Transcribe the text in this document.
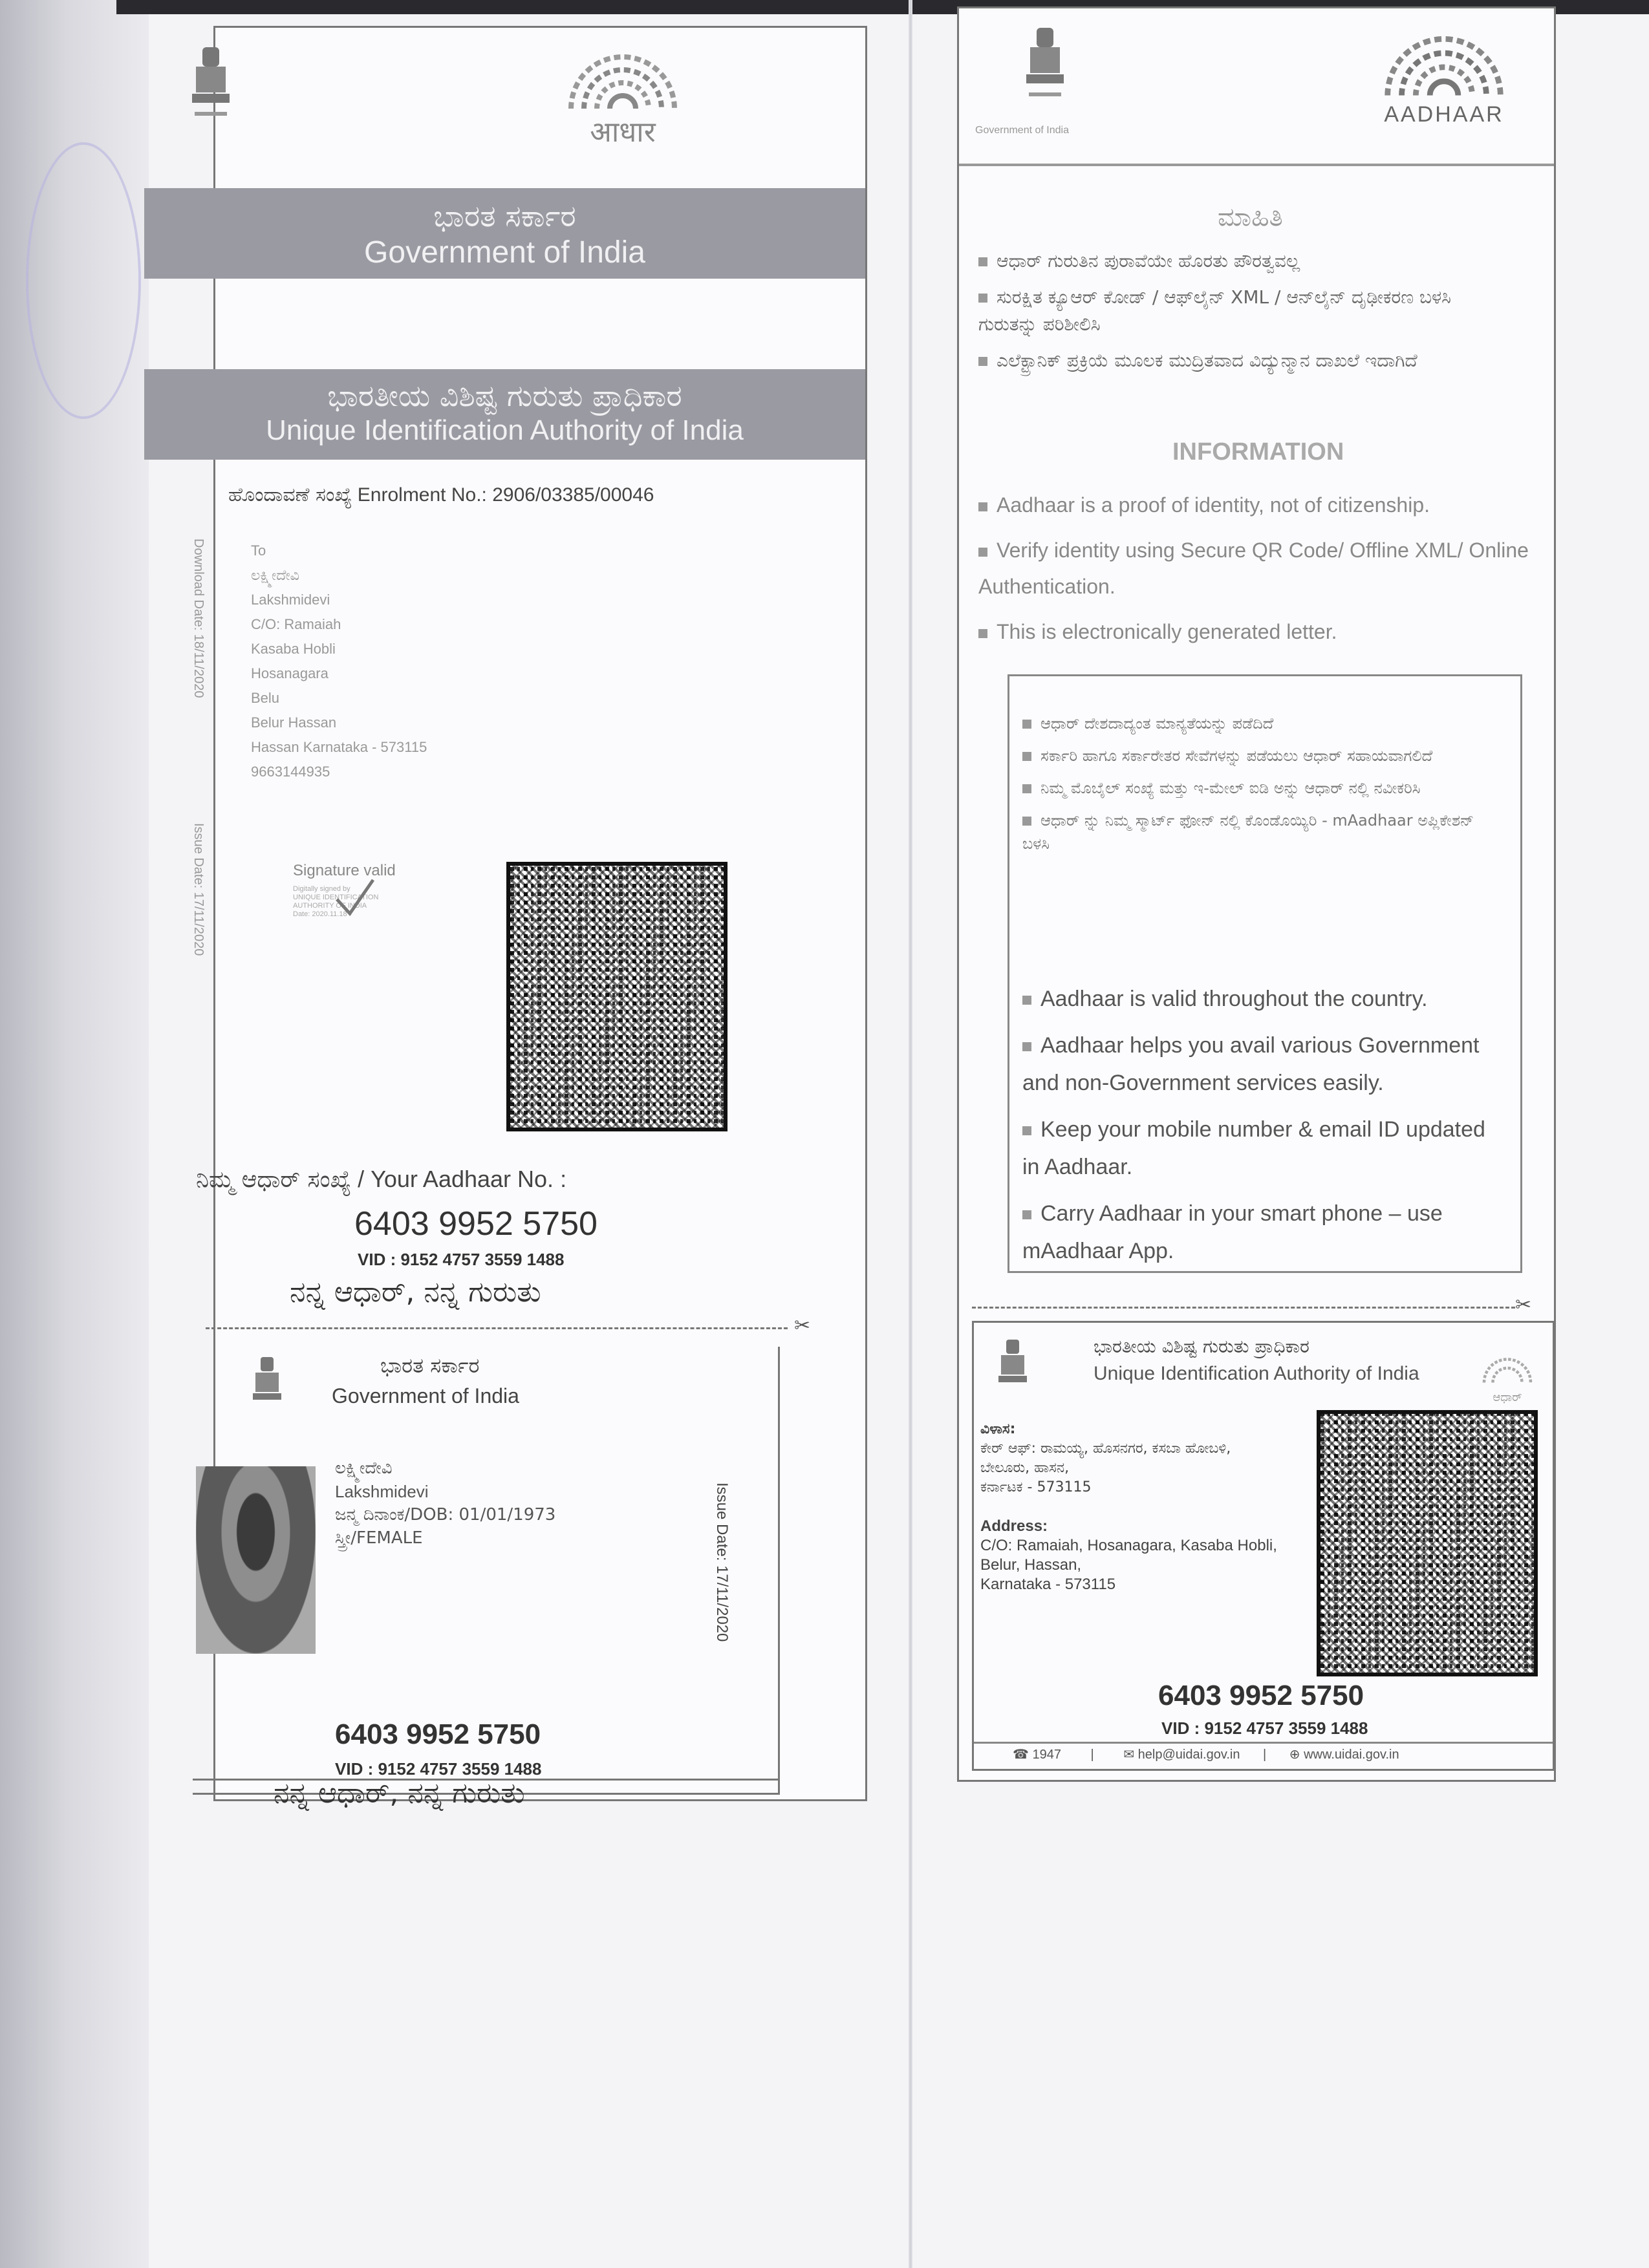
आधार
ಭಾರತ ಸರ್ಕಾರ
Government of India
ಭಾರತೀಯ ವಿಶಿಷ್ಟ ಗುರುತು ಪ್ರಾಧಿಕಾರ
Unique Identification Authority of India
ಹೊಂದಾವಣೆ ಸಂಖ್ಯೆ Enrolment No.: 2906/03385/00046
Download Date: 18/11/2020
Issue Date: 17/11/2020
To
ಲಕ್ಷ್ಮೀದೇವಿ
Lakshmidevi
C/O: Ramaiah
Kasaba Hobli
Hosanagara
Belu
Belur Hassan
Hassan Karnataka - 573115
9663144935
Signature valid
Digitally signed by
UNIQUE IDENTIFICATION
AUTHORITY OF INDIA
Date: 2020.11.18
ನಿಮ್ಮ ಆಧಾರ್ ಸಂಖ್ಯೆ / Your Aadhaar No. :
6403 9952 5750
VID : 9152 4757 3559 1488
ನನ್ನ ಆಧಾರ್, ನನ್ನ ಗುರುತು
✂
ಭಾರತ ಸರ್ಕಾರ
Government of India
ಲಕ್ಷ್ಮೀದೇವಿ
Lakshmidevi
ಜನ್ಮ ದಿನಾಂಕ/DOB: 01/01/1973
ಸ್ತ್ರೀ/FEMALE	Issue Date: 17/11/2020
6403 9952 5750
VID : 9152 4757 3559 1488
ನನ್ನ ಆಧಾರ್, ನನ್ನ ಗುರುತು
Government of India
AADHAAR
ಮಾಹಿತಿ
ಆಧಾರ್ ಗುರುತಿನ ಪುರಾವೆಯೇ ಹೊರತು ಪೌರತ್ವವಲ್ಲ
ಸುರಕ್ಷಿತ ಕ್ಯೂಆರ್ ಕೋಡ್ / ಆಫ್‌ಲೈನ್ XML / ಆನ್‌ಲೈನ್ ದೃಢೀಕರಣ ಬಳಸಿ ಗುರುತನ್ನು ಪರಿಶೀಲಿಸಿ
ಎಲೆಕ್ಟ್ರಾನಿಕ್ ಪ್ರಕ್ರಿಯೆ ಮೂಲಕ ಮುದ್ರಿತವಾದ ವಿದ್ಯುನ್ಮಾನ ದಾಖಲೆ ಇದಾಗಿದೆ
INFORMATION
Aadhaar is a proof of identity, not of citizenship.
Verify identity using Secure QR Code/ Offline XML/ Online Authentication.
This is electronically generated letter.
ಆಧಾರ್ ದೇಶದಾದ್ಯಂತ ಮಾನ್ಯತೆಯನ್ನು ಪಡೆದಿದೆ
ಸರ್ಕಾರಿ ಹಾಗೂ ಸರ್ಕಾರೇತರ ಸೇವೆಗಳನ್ನು ಪಡೆಯಲು ಆಧಾರ್ ಸಹಾಯವಾಗಲಿದೆ
ನಿಮ್ಮ ಮೊಬೈಲ್ ಸಂಖ್ಯೆ ಮತ್ತು ಇ-ಮೇಲ್ ಐಡಿ ಅನ್ನು ಆಧಾರ್ ನಲ್ಲಿ ನವೀಕರಿಸಿ
ಆಧಾರ್ ನ್ನು ನಿಮ್ಮ ಸ್ಮಾರ್ಟ್ ಫೋನ್ ನಲ್ಲಿ ಕೊಂಡೊಯ್ಯಿರಿ - mAadhaar ಅಪ್ಲಿಕೇಶನ್ ಬಳಸಿ
Aadhaar is valid throughout the country.
Aadhaar helps you avail various Government and non-Government services easily.
Keep your mobile number & email ID updated in Aadhaar.
Carry Aadhaar in your smart phone – use mAadhaar App.
✂
ಭಾರತೀಯ ವಿಶಿಷ್ಟ ಗುರುತು ಪ್ರಾಧಿಕಾರ
Unique Identification Authority of India
ಆಧಾರ್
ವಿಳಾಸ:
ಕೇರ್ ಆಫ್: ರಾಮಯ್ಯ, ಹೊಸನಗರ, ಕಸಬಾ ಹೋಬಳಿ,
ಬೇಲೂರು, ಹಾಸನ,
ಕರ್ನಾಟಕ - 573115
Address:
C/O: Ramaiah, Hosanagara, Kasaba Hobli,
Belur, Hassan,
Karnataka - 573115
6403 9952 5750
VID : 9152 4757 3559 1488
☎ 1947 | ✉ help@uidai.gov.in | ⊕ www.uidai.gov.in
